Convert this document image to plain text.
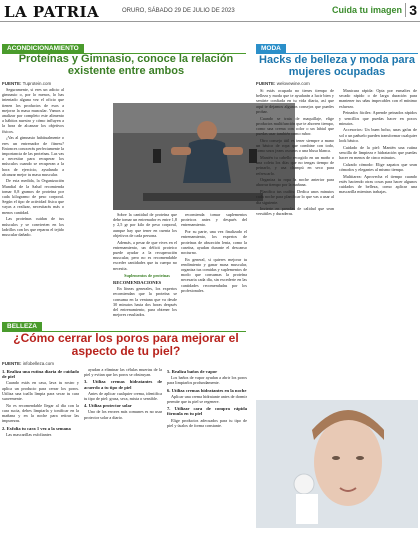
LA PATRIA	ORURO, SÁBADO 29 DE JULIO DE 2023	Cuida tu imagen 3
ACONDICIONAMIENTO
Proteínas y Gimnasio, conoce la relación existente entre ambos
FUENTE: Tuprotein.com

Seguramente, si eres un adicto al gimnasio o, por lo menos, lo has intentado alguna vez el oficio que tienen los productos de esos a mejorar la masa muscular. Vamos a analizar por completo este alimento a hábitos nuestro y cómo influyen a la hora de alcanzar los objetivos físicos.

¿Vas al gimnasio habitualmente o eres un entrenador de fitness? Entonces conocerás perfectamente la importancia de las proteínas. Las vas a necesitar para recuperar los músculos cuando se recuperan a la hora de ejercicio, ayudando a alcanzar mejor tu masa muscular.

De esta medida, la Organización Mundial de la Salud recomienda tomar 0,8 gramos de proteína por cada kilogramo de peso corporal. Según el tipo de actividad física que vayas a realizar, necesitarás más o menos cantidad.

Las proteínas cuidan de tus músculos y se convierten en los ladrillos con los que reparas el tejido muscular dañado.

Sobre la cantidad de proteína que debe tomar un entrenador es entre 1,8 y 2,5 gr por kilo de peso corporal, aunque hay que tener en cuenta los objetivos de cada persona.

Además, a pesar de que vives en el entrenamiento, un déficit proteico puede ayudar a la recuperación muscular, pero no es recomendable exceder cantidades que tu cuerpo no necesita.

Suplementos de proteínas

RECOMENDACIONES

En líneas generales, los expertos recomiendan que la proteína se consuma en la ventana que va desde 30 minutos hasta dos horas después del entrenamiento, para obtener los mejores resultados.

recomienda tomar suplementos proteicos antes y después del entrenamiento.

Por su parte, una vez finalizado el entrenamiento, los expertos de proteínas de absorción lenta, como la caseína, ayudan durante el descanso nocturno.

En general, si quieres mejorar tu rendimiento y ganar masa muscular, organiza tus comidas y suplementos de modo que consumas la proteína necesaria cada día, sin excederte en las cantidades recomendadas por los profesionales.

MODA
Hacks de belleza y moda para mujeres ocupadas
FUENTE: welovewine.com

Si estás ocupada no tienes tiempo de belleza y moda que te ayudarán a lucir bien y sentirte confiada en tu vida diaria, así que aquí te dejamos algunos consejos que puedes probar.

Cuando se trata de maquillaje, elige productos multifunción que te ahorren tiempo, como una crema con color o un labial que puedas usar también como rubor.

Otro consejo útil es tener siempre a mano un básico de ropa que combine con todo, como unos jeans oscuros o una blusa blanca.

Mantén tu cabello recogido en un moño o una coleta los días que no tengas tiempo de peinarlo, y usa champú en seco para refrescarlo.

Organiza tu ropa la noche anterior para ahorrar tiempo por la mañana.

Planifica tus outfits: Dedica unos minutos cada noche para planificar lo que vas a usar al día siguiente.

Invierte en prendas de calidad que sean versátiles y duraderas.

Manicura rápida: Opta por esmaltes de secado rápido o de larga duración para mantener tus uñas impecables con el mínimo esfuerzo.

Peinados fáciles: Aprende peinados rápidos y sencillos que puedas hacer en pocos minutos.

Accesorios: Un buen bolso, unas gafas de sol o un pañuelo pueden transformar cualquier look básico.

Cuidado de la piel: Mantén una rutina sencilla de limpieza e hidratación que puedas hacer en menos de cinco minutos.

Calzado cómodo: Elige zapatos que sean cómodos y elegantes al mismo tiempo.

Multitarea: Aprovecha el tiempo cuando estés haciendo otras cosas para hacer algunos cuidados de belleza, como aplicar una mascarilla mientras trabajas.

BELLEZA
¿Cómo cerrar los poros para mejorar el aspecto de tu piel?
FUENTE: infobelleza.com
1. Realiza una rutina diaria de cuidado de piel

Cuando estás en casa, lava tu rostro y aplica un producto para cerrar los poros. Utiliza una toalla limpia para secar tu cara suavemente.

No es recomendable llegar al día con la cara sucia, debes limpiarla y tonificar en la mañana y en la noche para retirar las impurezas.

2. Exfolia tu cara 1 vez a la semana

Las mascarillas exfoliantes

ayudan a eliminar las células muertas de la piel y evitan que los poros se obstruyan.

3. Utiliza cremas hidratantes de acuerdo a tu tipo de piel

Antes de aplicar cualquier crema, identifica tu tipo de piel: grasa, seca, mixta o sensible.

4. Utiliza protector solar

Uno de los errores más comunes es no usar protector solar a diario.

5. Realiza baños de vapor

Los baños de vapor ayudan a abrir los poros para limpiarlos profundamente.

6. Utiliza cremas hidratantes en la noche

Aplicar una crema hidratante antes de dormir permite que tu piel se regenere.

7. Utilizar cara de compra rápida fórmula en tu piel

Elige productos adecuados para tu tipo de piel y úsalos de forma constante.
